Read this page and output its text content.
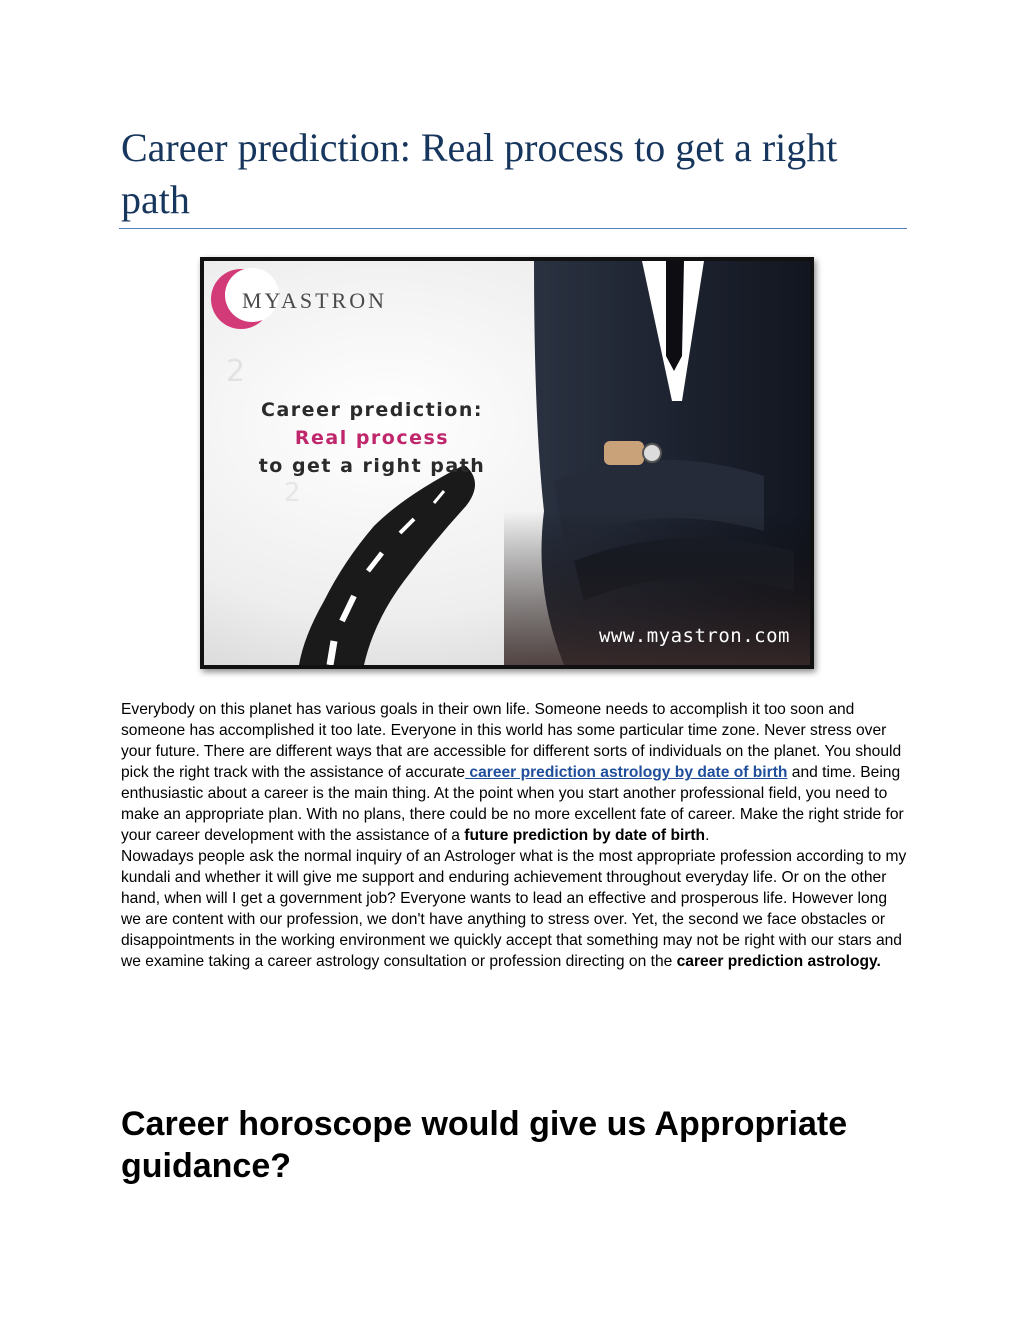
Career prediction: Real process to get a right path
2
2
MYASTRON
Career prediction:
Real process
to get a right path
www.myastron.com

Everybody on this planet has various goals in their own life. Someone needs to accomplish it too soon and someone has accomplished it too late. Everyone in this world has some particular time zone. Never stress over your future. There are different ways that are accessible for different sorts of individuals on the planet. You should pick the right track with the assistance of accurate career prediction astrology by date of birth and time. Being enthusiastic about a career is the main thing. At the point when you start another professional field, you need to make an appropriate plan. With no plans, there could be no more excellent fate of career. Make the right stride for your career development with the assistance of a future prediction by date of birth.

Nowadays people ask the normal inquiry of an Astrologer what is the most appropriate profession according to my kundali and whether it will give me support and enduring achievement throughout everyday life. Or on the other hand, when will I get a government job? Everyone wants to lead an effective and prosperous life. However long we are content with our profession, we don't have anything to stress over. Yet, the second we face obstacles or disappointments in the working environment we quickly accept that something may not be right with our stars and we examine taking a career astrology consultation or profession directing on the career prediction astrology.

Career horoscope would give us Appropriate guidance?
